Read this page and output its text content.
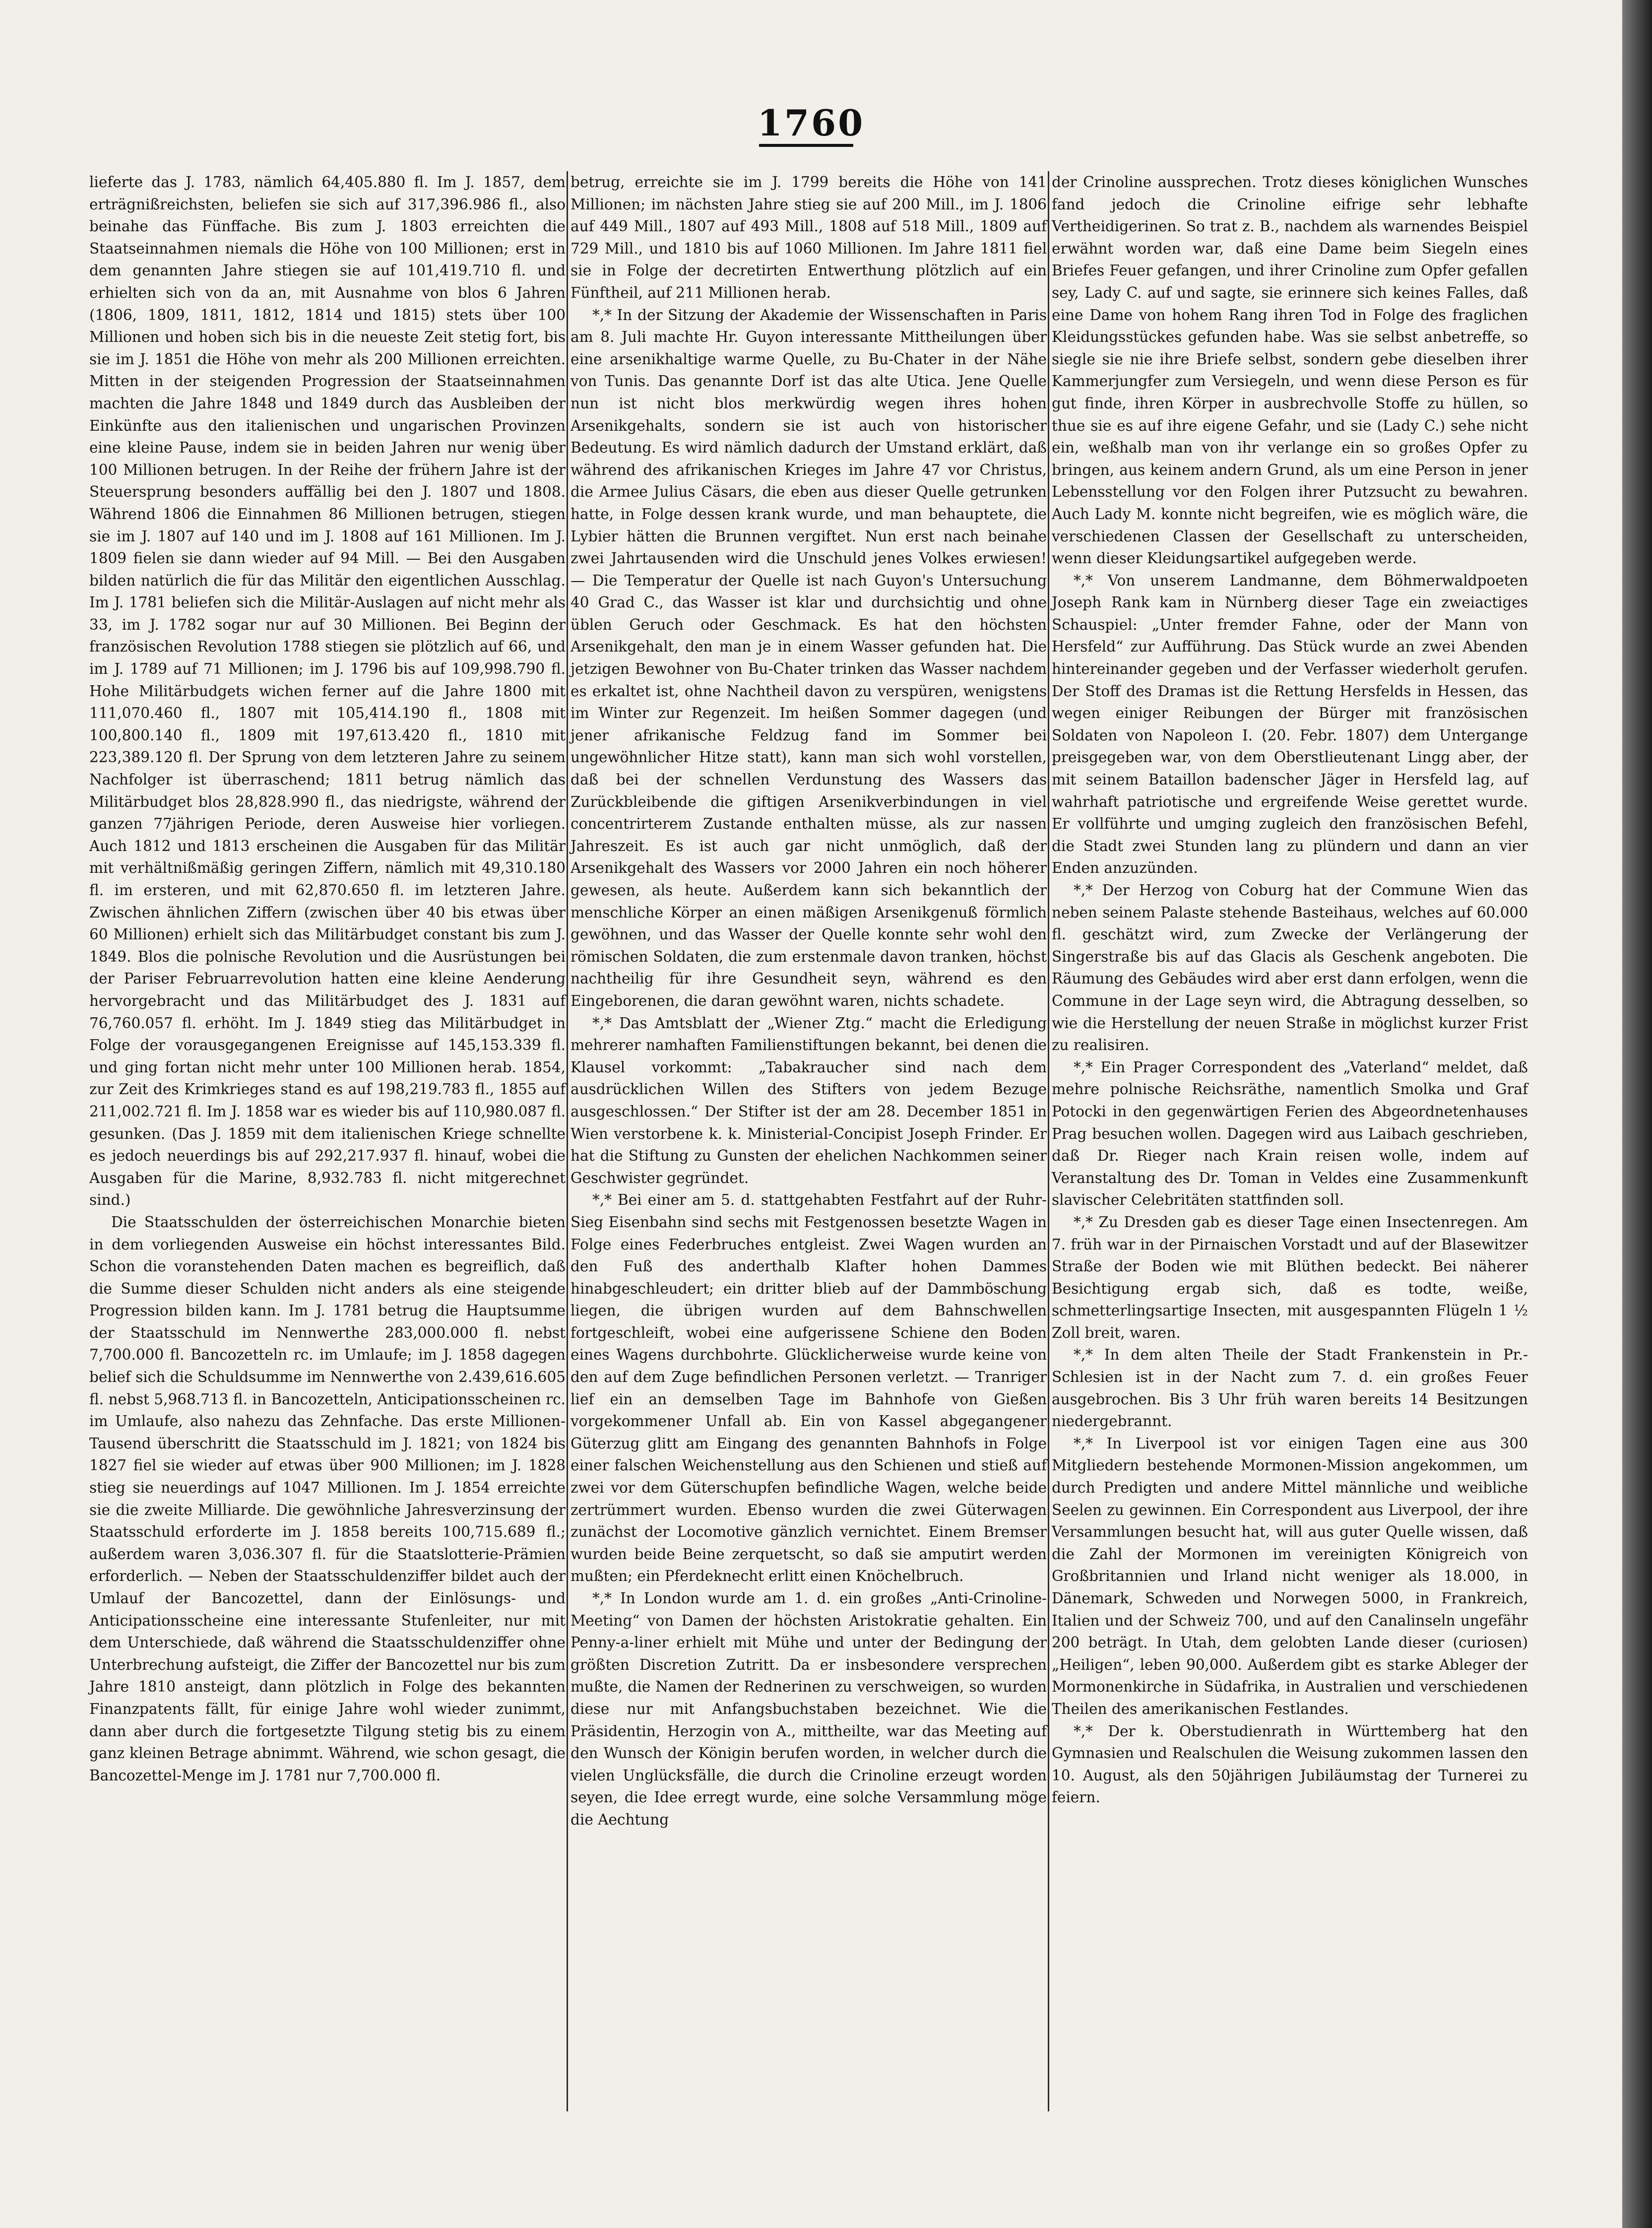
1760

lieferte das J. 1783, nämlich 64,405.880 fl. Im J. 1857, dem erträgnißreichsten, beliefen sie sich auf 317,396.986 fl., also beinahe das Fünffache. Bis zum J. 1803 erreichten die Staatseinnahmen niemals die Höhe von 100 Millionen; erst in dem genannten Jahre stiegen sie auf 101,419.710 fl. und erhielten sich von da an, mit Ausnahme von blos 6 Jahren (1806, 1809, 1811, 1812, 1814 und 1815) stets über 100 Millionen und hoben sich bis in die neueste Zeit stetig fort, bis sie im J. 1851 die Höhe von mehr als 200 Millionen erreichten. Mitten in der steigenden Progression der Staatseinnahmen machten die Jahre 1848 und 1849 durch das Ausbleiben der Einkünfte aus den italienischen und ungarischen Provinzen eine kleine Pause, indem sie in beiden Jahren nur wenig über 100 Millionen betrugen. In der Reihe der frühern Jahre ist der Steuersprung besonders auffällig bei den J. 1807 und 1808. Während 1806 die Einnahmen 86 Millionen betrugen, stiegen sie im J. 1807 auf 140 und im J. 1808 auf 161 Millionen. Im J. 1809 fielen sie dann wieder auf 94 Mill. — Bei den Ausgaben bilden natürlich die für das Militär den eigentlichen Ausschlag. Im J. 1781 beliefen sich die Militär-Auslagen auf nicht mehr als 33, im J. 1782 sogar nur auf 30 Millionen. Bei Beginn der französischen Revolution 1788 stiegen sie plötzlich auf 66, und im J. 1789 auf 71 Millionen; im J. 1796 bis auf 109,998.790 fl. Hohe Militärbudgets wichen ferner auf die Jahre 1800 mit 111,070.460 fl., 1807 mit 105,414.190 fl., 1808 mit 100,800.140 fl., 1809 mit 197,613.420 fl., 1810 mit 223,389.120 fl. Der Sprung von dem letzteren Jahre zu seinem Nachfolger ist überraschend; 1811 betrug nämlich das Militärbudget blos 28,828.990 fl., das niedrigste, während der ganzen 77jährigen Periode, deren Ausweise hier vorliegen. Auch 1812 und 1813 erscheinen die Ausgaben für das Militär mit verhältnißmäßig geringen Ziffern, nämlich mit 49,310.180 fl. im ersteren, und mit 62,870.650 fl. im letzteren Jahre. Zwischen ähnlichen Ziffern (zwischen über 40 bis etwas über 60 Millionen) erhielt sich das Militärbudget constant bis zum J. 1849. Blos die polnische Revolution und die Ausrüstungen bei der Pariser Februarrevolution hatten eine kleine Aenderung hervorgebracht und das Militärbudget des J. 1831 auf 76,760.057 fl. erhöht. Im J. 1849 stieg das Militärbudget in Folge der vorausgegangenen Ereignisse auf 145,153.339 fl. und ging fortan nicht mehr unter 100 Millionen herab. 1854, zur Zeit des Krimkrieges stand es auf 198,219.783 fl., 1855 auf 211,002.721 fl. Im J. 1858 war es wieder bis auf 110,980.087 fl. gesunken. (Das J. 1859 mit dem italienischen Kriege schnellte es jedoch neuerdings bis auf 292,217.937 fl. hinauf, wobei die Ausgaben für die Marine, 8,932.783 fl. nicht mitgerechnet sind.)

Die Staatsschulden der österreichischen Monarchie bieten in dem vorliegenden Ausweise ein höchst interessantes Bild. Schon die voranstehenden Daten machen es begreiflich, daß die Summe dieser Schulden nicht anders als eine steigende Progression bilden kann. Im J. 1781 betrug die Hauptsumme der Staatsschuld im Nennwerthe 283,000.000 fl. nebst 7,700.000 fl. Bancozetteln rc. im Umlaufe; im J. 1858 dagegen belief sich die Schuldsumme im Nennwerthe von 2.439,616.605 fl. nebst 5,968.713 fl. in Bancozetteln, Anticipationsscheinen rc. im Umlaufe, also nahezu das Zehnfache. Das erste Millionen-Tausend überschritt die Staatsschuld im J. 1821; von 1824 bis 1827 fiel sie wieder auf etwas über 900 Millionen; im J. 1828 stieg sie neuerdings auf 1047 Millionen. Im J. 1854 erreichte sie die zweite Milliarde. Die gewöhnliche Jahresverzinsung der Staatsschuld erforderte im J. 1858 bereits 100,715.689 fl.; außerdem waren 3,036.307 fl. für die Staatslotterie-Prämien erforderlich. — Neben der Staatsschuldenziffer bildet auch der Umlauf der Bancozettel, dann der Einlösungs- und Anticipationsscheine eine interessante Stufenleiter, nur mit dem Unterschiede, daß während die Staatsschuldenziffer ohne Unterbrechung aufsteigt, die Ziffer der Bancozettel nur bis zum Jahre 1810 ansteigt, dann plötzlich in Folge des bekannten Finanzpatents fällt, für einige Jahre wohl wieder zunimmt, dann aber durch die fortgesetzte Tilgung stetig bis zu einem ganz kleinen Betrage abnimmt. Während, wie schon gesagt, die Bancozettel-Menge im J. 1781 nur 7,700.000 fl.

betrug, erreichte sie im J. 1799 bereits die Höhe von 141 Millionen; im nächsten Jahre stieg sie auf 200 Mill., im J. 1806 auf 449 Mill., 1807 auf 493 Mill., 1808 auf 518 Mill., 1809 auf 729 Mill., und 1810 bis auf 1060 Millionen. Im Jahre 1811 fiel sie in Folge der decretirten Entwerthung plötzlich auf ein Fünftheil, auf 211 Millionen herab.

*,* In der Sitzung der Akademie der Wissenschaften in Paris am 8. Juli machte Hr. Guyon interessante Mittheilungen über eine arsenikhaltige warme Quelle, zu Bu-Chater in der Nähe von Tunis. Das genannte Dorf ist das alte Utica. Jene Quelle nun ist nicht blos merkwürdig wegen ihres hohen Arsenikgehalts, sondern sie ist auch von historischer Bedeutung. Es wird nämlich dadurch der Umstand erklärt, daß während des afrikanischen Krieges im Jahre 47 vor Christus, die Armee Julius Cäsars, die eben aus dieser Quelle getrunken hatte, in Folge dessen krank wurde, und man behauptete, die Lybier hätten die Brunnen vergiftet. Nun erst nach beinahe zwei Jahrtausenden wird die Unschuld jenes Volkes erwiesen! — Die Temperatur der Quelle ist nach Guyon's Untersuchung 40 Grad C., das Wasser ist klar und durchsichtig und ohne üblen Geruch oder Geschmack. Es hat den höchsten Arsenikgehalt, den man je in einem Wasser gefunden hat. Die jetzigen Bewohner von Bu-Chater trinken das Wasser nachdem es erkaltet ist, ohne Nachtheil davon zu verspüren, wenigstens im Winter zur Regenzeit. Im heißen Sommer dagegen (und jener afrikanische Feldzug fand im Sommer bei ungewöhnlicher Hitze statt), kann man sich wohl vorstellen, daß bei der schnellen Verdunstung des Wassers das Zurückbleibende die giftigen Arsenikverbindungen in viel concentrirterem Zustande enthalten müsse, als zur nassen Jahreszeit. Es ist auch gar nicht unmöglich, daß der Arsenikgehalt des Wassers vor 2000 Jahren ein noch höherer gewesen, als heute. Außerdem kann sich bekanntlich der menschliche Körper an einen mäßigen Arsenikgenuß förmlich gewöhnen, und das Wasser der Quelle konnte sehr wohl den römischen Soldaten, die zum erstenmale davon tranken, höchst nachtheilig für ihre Gesundheit seyn, während es den Eingeborenen, die daran gewöhnt waren, nichts schadete.

*,* Das Amtsblatt der „Wiener Ztg.“ macht die Erledigung mehrerer namhaften Familienstiftungen bekannt, bei denen die Klausel vorkommt: „Tabakraucher sind nach dem ausdrücklichen Willen des Stifters von jedem Bezuge ausgeschlossen.“ Der Stifter ist der am 28. December 1851 in Wien verstorbene k. k. Ministerial-Concipist Joseph Frinder. Er hat die Stiftung zu Gunsten der ehelichen Nachkommen seiner Geschwister gegründet.

*,* Bei einer am 5. d. stattgehabten Festfahrt auf der Ruhr-Sieg Eisenbahn sind sechs mit Festgenossen besetzte Wagen in Folge eines Federbruches entgleist. Zwei Wagen wurden an den Fuß des anderthalb Klafter hohen Dammes hinabgeschleudert; ein dritter blieb auf der Dammböschung liegen, die übrigen wurden auf dem Bahnschwellen fortgeschleift, wobei eine aufgerissene Schiene den Boden eines Wagens durchbohrte. Glücklicherweise wurde keine von den auf dem Zuge befindlichen Personen verletzt. — Tranriger lief ein an demselben Tage im Bahnhofe von Gießen vorgekommener Unfall ab. Ein von Kassel abgegangener Güterzug glitt am Eingang des genannten Bahnhofs in Folge einer falschen Weichenstellung aus den Schienen und stieß auf zwei vor dem Güterschupfen befindliche Wagen, welche beide zertrümmert wurden. Ebenso wurden die zwei Güterwagen zunächst der Locomotive gänzlich vernichtet. Einem Bremser wurden beide Beine zerquetscht, so daß sie amputirt werden mußten; ein Pferdeknecht erlitt einen Knöchelbruch.

*,* In London wurde am 1. d. ein großes „Anti-Crinoline-Meeting“ von Damen der höchsten Aristokratie gehalten. Ein Penny-a-liner erhielt mit Mühe und unter der Bedingung der größten Discretion Zutritt. Da er insbesondere versprechen mußte, die Namen der Rednerinen zu verschweigen, so wurden diese nur mit Anfangsbuchstaben bezeichnet. Wie die Präsidentin, Herzogin von A., mittheilte, war das Meeting auf den Wunsch der Königin berufen worden, in welcher durch die vielen Unglücksfälle, die durch die Crinoline erzeugt worden seyen, die Idee erregt wurde, eine solche Versammlung möge die Aechtung

der Crinoline aussprechen. Trotz dieses königlichen Wunsches fand jedoch die Crinoline eifrige sehr lebhafte Vertheidigerinen. So trat z. B., nachdem als warnendes Beispiel erwähnt worden war, daß eine Dame beim Siegeln eines Briefes Feuer gefangen, und ihrer Crinoline zum Opfer gefallen sey, Lady C. auf und sagte, sie erinnere sich keines Falles, daß eine Dame von hohem Rang ihren Tod in Folge des fraglichen Kleidungsstückes gefunden habe. Was sie selbst anbetreffe, so siegle sie nie ihre Briefe selbst, sondern gebe dieselben ihrer Kammerjungfer zum Versiegeln, und wenn diese Person es für gut finde, ihren Körper in ausbrechvolle Stoffe zu hüllen, so thue sie es auf ihre eigene Gefahr, und sie (Lady C.) sehe nicht ein, weßhalb man von ihr verlange ein so großes Opfer zu bringen, aus keinem andern Grund, als um eine Person in jener Lebensstellung vor den Folgen ihrer Putzsucht zu bewahren. Auch Lady M. konnte nicht begreifen, wie es möglich wäre, die verschiedenen Classen der Gesellschaft zu unterscheiden, wenn dieser Kleidungsartikel aufgegeben werde.

*,* Von unserem Landmanne, dem Böhmerwaldpoeten Joseph Rank kam in Nürnberg dieser Tage ein zweiactiges Schauspiel: „Unter fremder Fahne, oder der Mann von Hersfeld“ zur Aufführung. Das Stück wurde an zwei Abenden hintereinander gegeben und der Verfasser wiederholt gerufen. Der Stoff des Dramas ist die Rettung Hersfelds in Hessen, das wegen einiger Reibungen der Bürger mit französischen Soldaten von Napoleon I. (20. Febr. 1807) dem Untergange preisgegeben war, von dem Oberstlieutenant Lingg aber, der mit seinem Bataillon badenscher Jäger in Hersfeld lag, auf wahrhaft patriotische und ergreifende Weise gerettet wurde. Er vollführte und umging zugleich den französischen Befehl, die Stadt zwei Stunden lang zu plündern und dann an vier Enden anzuzünden.

*,* Der Herzog von Coburg hat der Commune Wien das neben seinem Palaste stehende Basteihaus, welches auf 60.000 fl. geschätzt wird, zum Zwecke der Verlängerung der Singerstraße bis auf das Glacis als Geschenk angeboten. Die Räumung des Gebäudes wird aber erst dann erfolgen, wenn die Commune in der Lage seyn wird, die Abtragung desselben, so wie die Herstellung der neuen Straße in möglichst kurzer Frist zu realisiren.

*,* Ein Prager Correspondent des „Vaterland“ meldet, daß mehre polnische Reichsräthe, namentlich Smolka und Graf Potocki in den gegenwärtigen Ferien des Abgeordnetenhauses Prag besuchen wollen. Dagegen wird aus Laibach geschrieben, daß Dr. Rieger nach Krain reisen wolle, indem auf Veranstaltung des Dr. Toman in Veldes eine Zusammenkunft slavischer Celebritäten stattfinden soll.

*,* Zu Dresden gab es dieser Tage einen Insectenregen. Am 7. früh war in der Pirnaischen Vorstadt und auf der Blasewitzer Straße der Boden wie mit Blüthen bedeckt. Bei näherer Besichtigung ergab sich, daß es todte, weiße, schmetterlingsartige Insecten, mit ausgespannten Flügeln 1 ½ Zoll breit, waren.

*,* In dem alten Theile der Stadt Frankenstein in Pr.-Schlesien ist in der Nacht zum 7. d. ein großes Feuer ausgebrochen. Bis 3 Uhr früh waren bereits 14 Besitzungen niedergebrannt.

*,* In Liverpool ist vor einigen Tagen eine aus 300 Mitgliedern bestehende Mormonen-Mission angekommen, um durch Predigten und andere Mittel männliche und weibliche Seelen zu gewinnen. Ein Correspondent aus Liverpool, der ihre Versammlungen besucht hat, will aus guter Quelle wissen, daß die Zahl der Mormonen im vereinigten Königreich von Großbritannien und Irland nicht weniger als 18.000, in Dänemark, Schweden und Norwegen 5000, in Frankreich, Italien und der Schweiz 700, und auf den Canalinseln ungefähr 200 beträgt. In Utah, dem gelobten Lande dieser (curiosen) „Heiligen“, leben 90,000. Außerdem gibt es starke Ableger der Mormonenkirche in Südafrika, in Australien und verschiedenen Theilen des amerikanischen Festlandes.

*,* Der k. Oberstudienrath in Württemberg hat den Gymnasien und Realschulen die Weisung zukommen lassen den 10. August, als den 50jährigen Jubiläumstag der Turnerei zu feiern.
